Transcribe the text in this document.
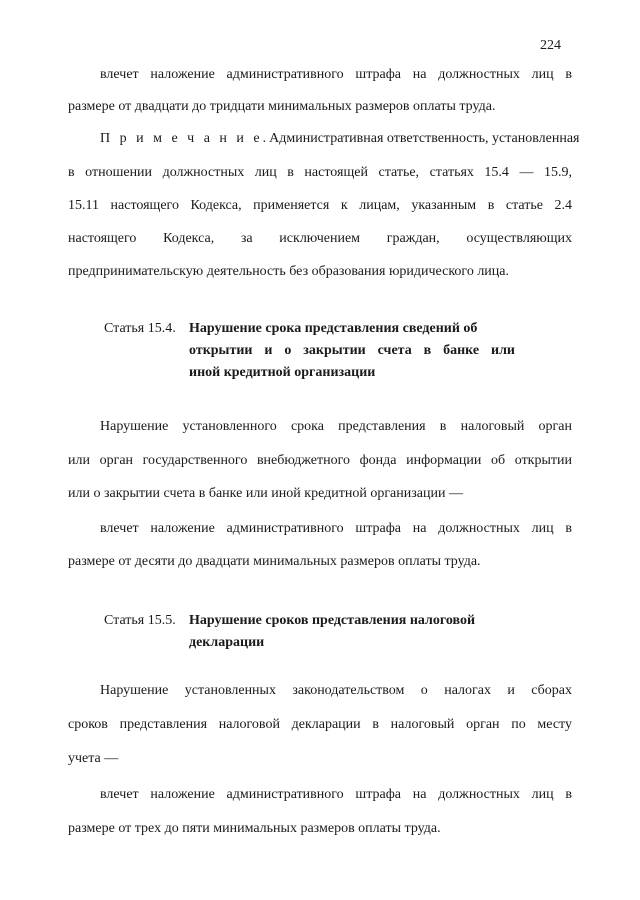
224
влечет наложение административного штрафа на должностных лиц в
размере от двадцати до тридцати минимальных размеров оплаты труда.
П р и м е ч а н и е. Административная ответственность, установленная
в отношении должностных лиц в настоящей статье, статьях 15.4 — 15.9,
15.11 настоящего Кодекса, применяется к лицам, указанным в статье 2.4
настоящего Кодекса, за исключением граждан, осуществляющих
предпринимательскую деятельность без образования юридического лица.
Статья 15.4. Нарушение срока представления сведений об
открытии и о закрытии счета в банке или
иной кредитной организации
Нарушение установленного срока представления в налоговый орган
или орган государственного внебюджетного фонда информации об открытии
или о закрытии счета в банке или иной кредитной организации —
влечет наложение административного штрафа на должностных лиц в
размере от десяти до двадцати минимальных размеров оплаты труда.
Статья 15.5. Нарушение сроков представления налоговой
декларации
Нарушение установленных законодательством о налогах и сборах
сроков представления налоговой декларации в налоговый орган по месту
учета —
влечет наложение административного штрафа на должностных лиц в
размере от трех до пяти минимальных размеров оплаты труда.
